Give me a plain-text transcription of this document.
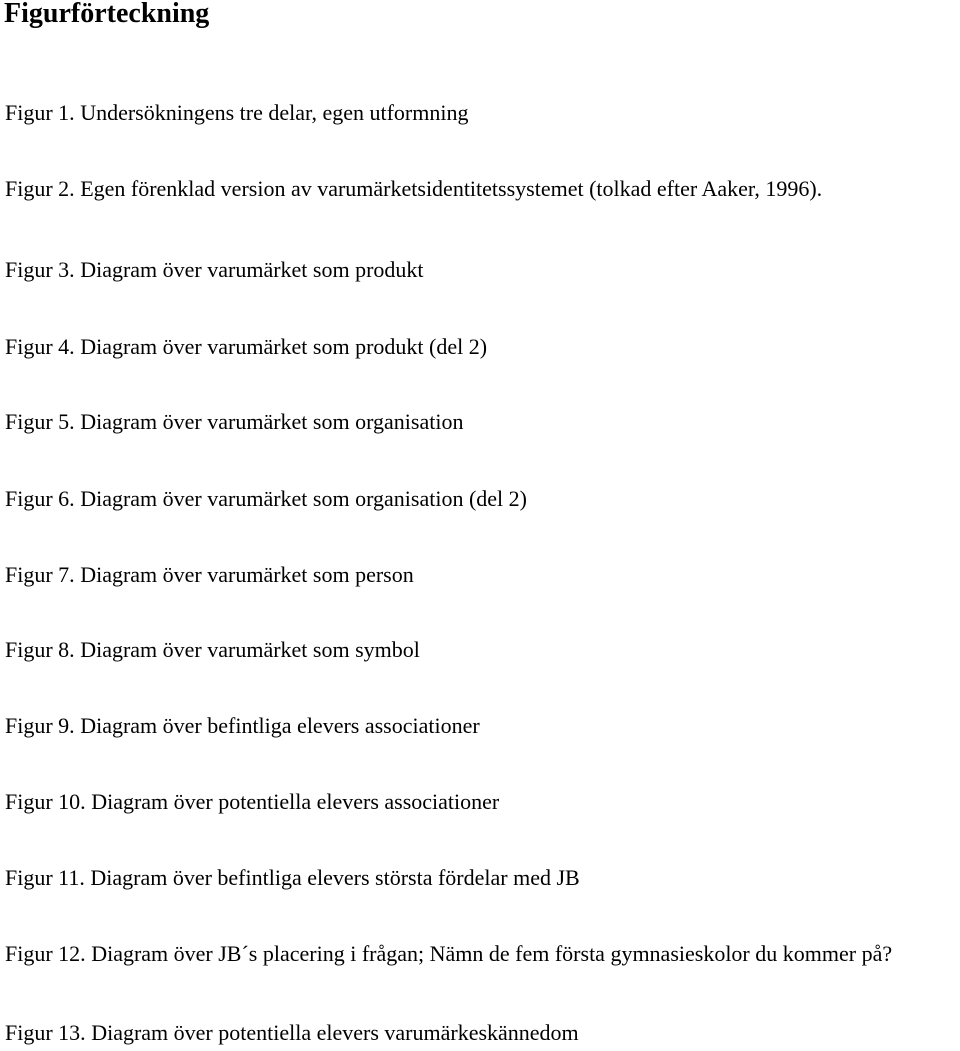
Figurförteckning
Figur 1. Undersökningens tre delar, egen utformning
Figur 2. Egen förenklad version av varumärketsidentitetssystemet (tolkad efter Aaker, 1996).
Figur 3. Diagram över varumärket som produkt
Figur 4. Diagram över varumärket som produkt (del 2)
Figur 5. Diagram över varumärket som organisation
Figur 6. Diagram över varumärket som organisation (del 2)
Figur 7. Diagram över varumärket som person
Figur 8. Diagram över varumärket som symbol
Figur 9. Diagram över befintliga elevers associationer
Figur 10. Diagram över potentiella elevers associationer
Figur 11. Diagram över befintliga elevers största fördelar med JB
Figur 12. Diagram över JB´s placering i frågan; Nämn de fem första gymnasieskolor du kommer på?
Figur 13. Diagram över potentiella elevers varumärkeskännedom
